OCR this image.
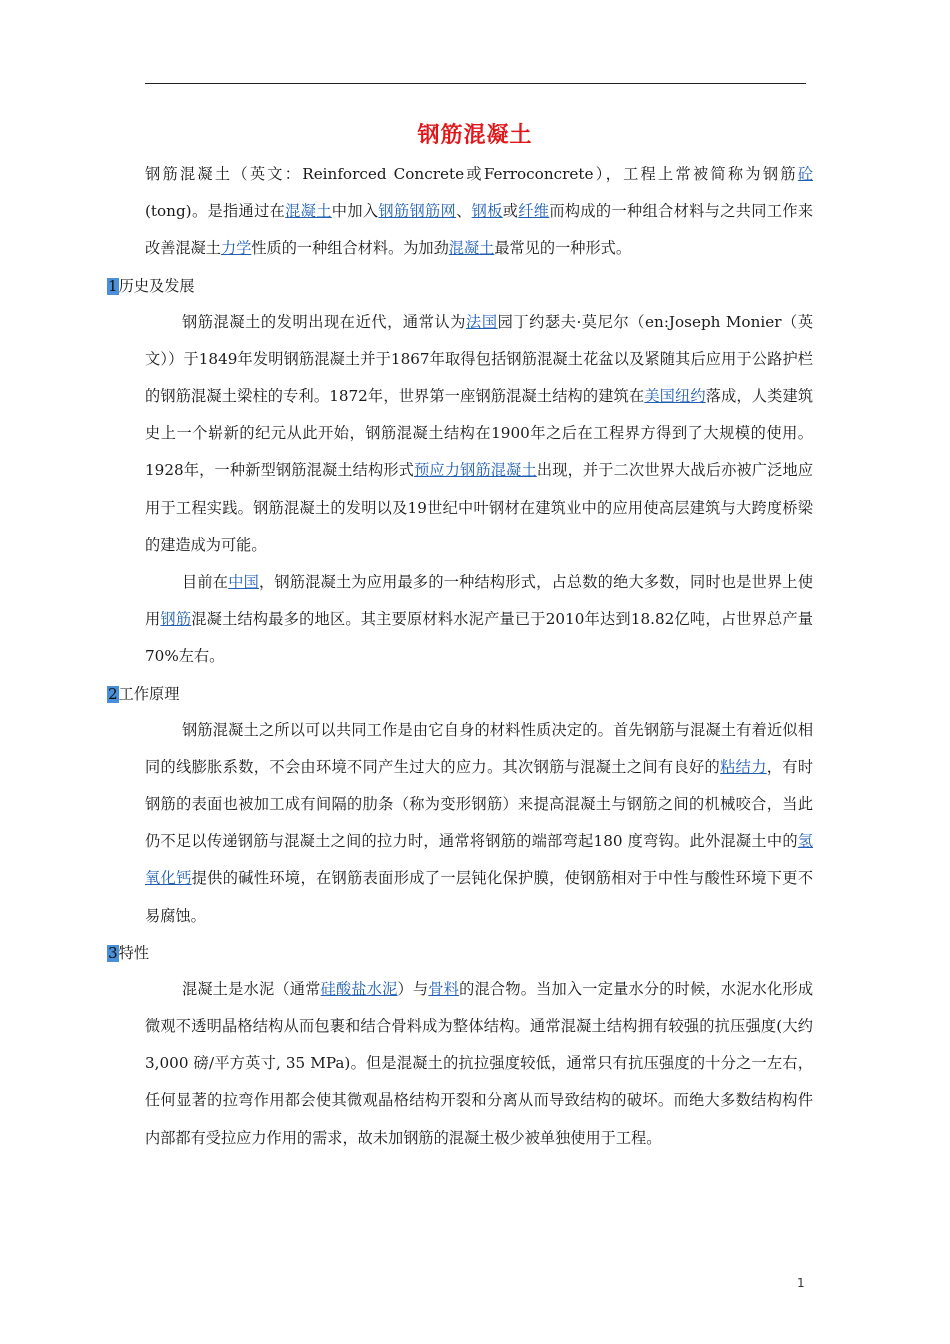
钢筋混凝土

钢筋混凝土（英文：Reinforced Concrete或Ferroconcrete），工程上常被简称为钢筋砼(tong)。是指通过在混凝土中加入钢筋钢筋网、钢板或纤维而构成的一种组合材料与之共同工作来改善混凝土力学性质的一种组合材料。为加劲混凝土最常见的一种形式。

1历史及发展

钢筋混凝土的发明出现在近代，通常认为法国园丁约瑟夫·莫尼尔（en:Joseph Monier（英文））于1849年发明钢筋混凝土并于1867年取得包括钢筋混凝土花盆以及紧随其后应用于公路护栏的钢筋混凝土梁柱的专利。1872年，世界第一座钢筋混凝土结构的建筑在美国纽约落成，人类建筑史上一个崭新的纪元从此开始，钢筋混凝土结构在1900年之后在工程界方得到了大规模的使用。1928年，一种新型钢筋混凝土结构形式预应力钢筋混凝土出现，并于二次世界大战后亦被广泛地应用于工程实践。钢筋混凝土的发明以及19世纪中叶钢材在建筑业中的应用使高层建筑与大跨度桥梁的建造成为可能。

目前在中国，钢筋混凝土为应用最多的一种结构形式，占总数的绝大多数，同时也是世界上使用钢筋混凝土结构最多的地区。其主要原材料水泥产量已于2010年达到18.82亿吨，占世界总产量70%左右。

2工作原理

钢筋混凝土之所以可以共同工作是由它自身的材料性质决定的。首先钢筋与混凝土有着近似相同的线膨胀系数，不会由环境不同产生过大的应力。其次钢筋与混凝土之间有良好的粘结力，有时钢筋的表面也被加工成有间隔的肋条（称为变形钢筋）来提高混凝土与钢筋之间的机械咬合，当此仍不足以传递钢筋与混凝土之间的拉力时，通常将钢筋的端部弯起180 度弯钩。此外混凝土中的氢氧化钙提供的碱性环境，在钢筋表面形成了一层钝化保护膜，使钢筋相对于中性与酸性环境下更不易腐蚀。

3特性

混凝土是水泥（通常硅酸盐水泥）与骨料的混合物。当加入一定量水分的时候，水泥水化形成微观不透明晶格结构从而包裹和结合骨料成为整体结构。通常混凝土结构拥有较强的抗压强度(大约 3,000 磅/平方英寸, 35 MPa)。但是混凝土的抗拉强度较低，通常只有抗压强度的十分之一左右，任何显著的拉弯作用都会使其微观晶格结构开裂和分离从而导致结构的破坏。而绝大多数结构构件内部都有受拉应力作用的需求，故未加钢筋的混凝土极少被单独使用于工程。

1
